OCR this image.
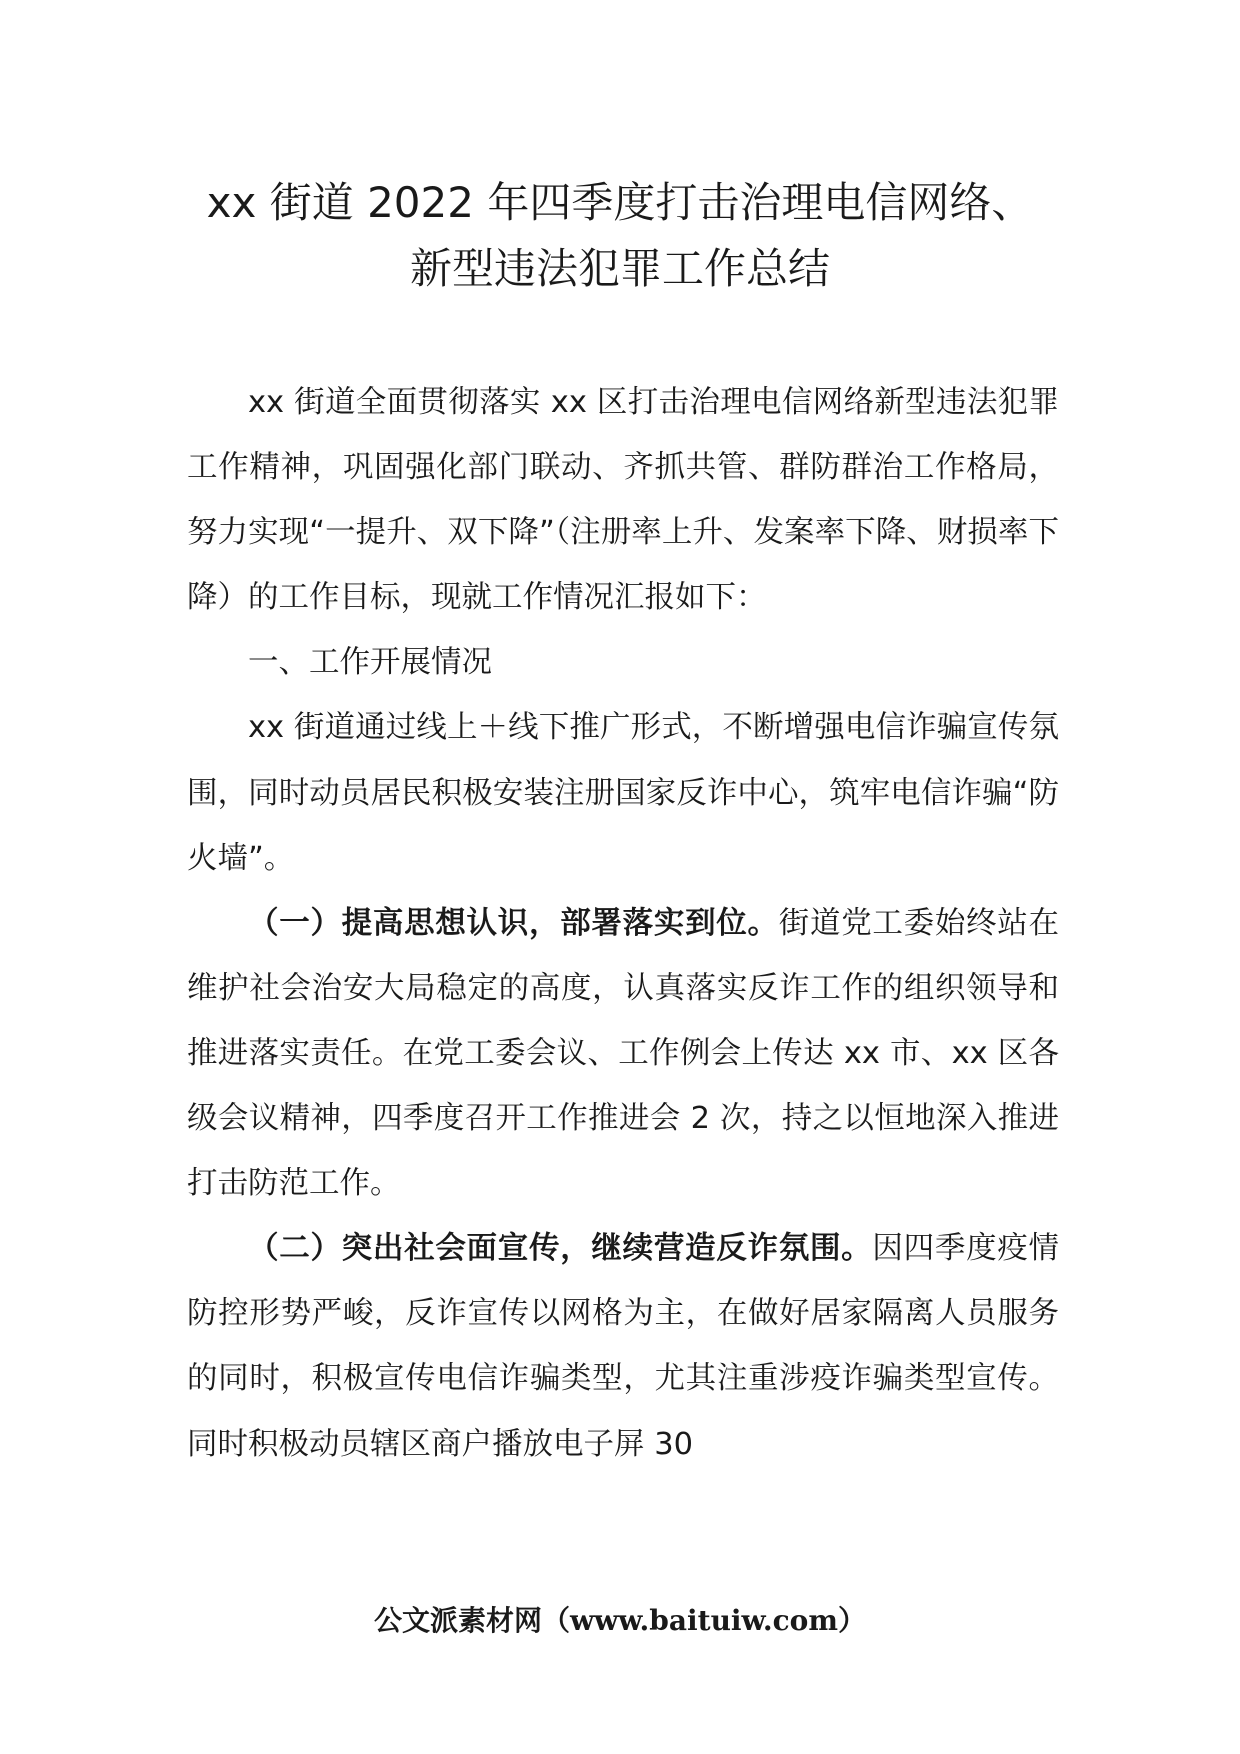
xx 街道 2022 年四季度打击治理电信网络、
新型违法犯罪工作总结

xx 街道全面贯彻落实 xx 区打击治理电信网络新型违法犯罪工作精神，巩固强化部门联动、齐抓共管、群防群治工作格局，努力实现“一提升、双下降”（注册率上升、发案率下降、财损率下降）的工作目标，现就工作情况汇报如下：

一、工作开展情况

xx 街道通过线上＋线下推广形式，不断增强电信诈骗宣传氛围，同时动员居民积极安装注册国家反诈中心，筑牢电信诈骗“防火墙”。

（一）提高思想认识，部署落实到位。街道党工委始终站在维护社会治安大局稳定的高度，认真落实反诈工作的组织领导和推进落实责任。在党工委会议、工作例会上传达 xx 市、xx 区各级会议精神，四季度召开工作推进会 2 次，持之以恒地深入推进打击防范工作。

（二）突出社会面宣传，继续营造反诈氛围。因四季度疫情防控形势严峻，反诈宣传以网格为主，在做好居家隔离人员服务的同时，积极宣传电信诈骗类型，尤其注重涉疫诈骗类型宣传。同时积极动员辖区商户播放电子屏 30

公文派素材网（www.baituiw.com）
